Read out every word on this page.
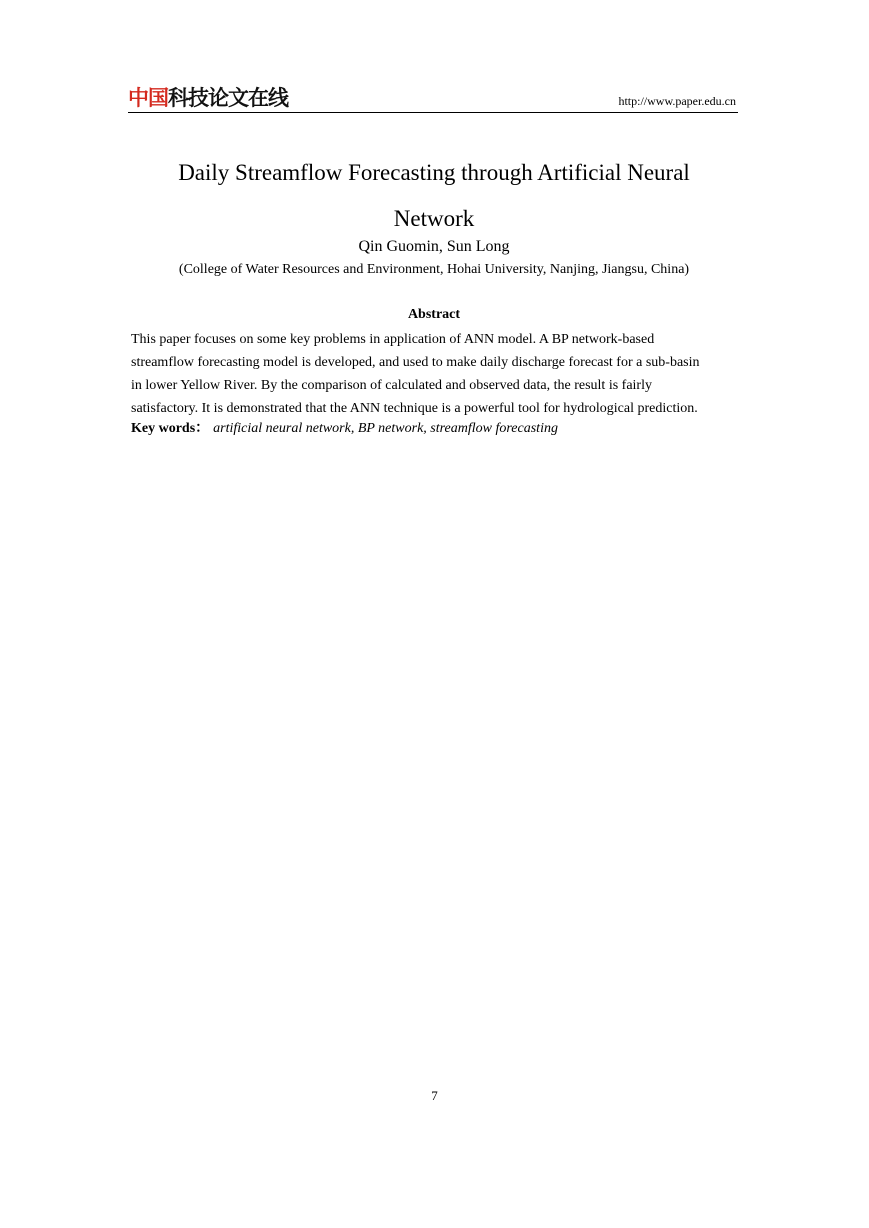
中国科技论文在线	http://www.paper.edu.cn
Daily Streamflow Forecasting through Artificial Neural
Network
Qin Guomin, Sun Long
(College of Water Resources and Environment, Hohai University, Nanjing, Jiangsu, China)
Abstract
This paper focuses on some key problems in application of ANN model. A BP network-based
streamflow forecasting model is developed, and used to make daily discharge forecast for a sub-basin
in lower Yellow River. By the comparison of calculated and observed data, the result is fairly
satisfactory. It is demonstrated that the ANN technique is a powerful tool for hydrological prediction.
Key words： artificial neural network, BP network, streamflow forecasting
7
